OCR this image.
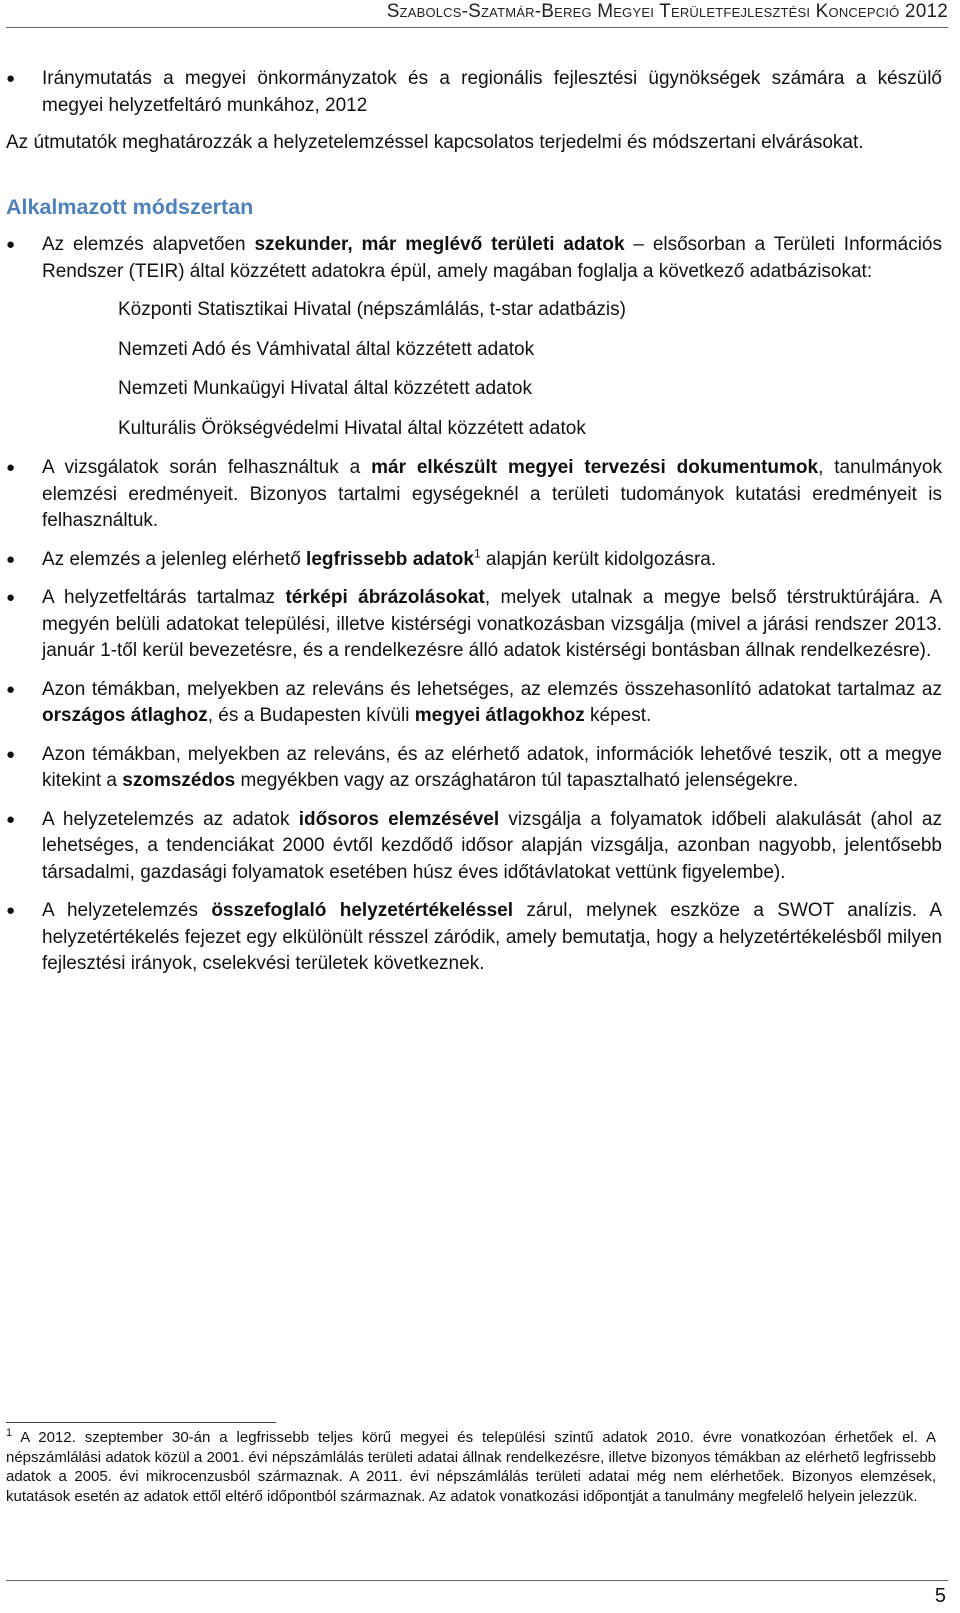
Szabolcs-Szatmár-Bereg Megyei Területfejlesztési Koncepció 2012
●	Iránymutatás a megyei önkormányzatok és a regionális fejlesztési ügynökségek számára a készülő megyei helyzetfeltáró munkához, 2012

Az útmutatók meghatározzák a helyzetelemzéssel kapcsolatos terjedelmi és módszertani elvárásokat.

Alkalmazott módszertan
●	Az elemzés alapvetően szekunder, már meglévő területi adatok – elsősorban a Területi Információs Rendszer (TEIR) által közzétett adatokra épül, amely magában foglalja a következő adatbázisokat:
Központi Statisztikai Hivatal (népszámlálás, t-star adatbázis)
Nemzeti Adó és Vámhivatal által közzétett adatok
Nemzeti Munkaügyi Hivatal által közzétett adatok
Kulturális Örökségvédelmi Hivatal által közzétett adatok
●	A vizsgálatok során felhasználtuk a már elkészült megyei tervezési dokumentumok, tanulmányok elemzési eredményeit. Bizonyos tartalmi egységeknél a területi tudományok kutatási eredményeit is felhasználtuk.
●	Az elemzés a jelenleg elérhető legfrissebb adatok$^1$ alapján került kidolgozásra.
●	A helyzetfeltárás tartalmaz térképi ábrázolásokat, melyek utalnak a megye belső térstruktúrájára. A megyén belüli adatokat települési, illetve kistérségi vonatkozásban vizsgálja (mivel a járási rendszer 2013. január 1-től kerül bevezetésre, és a rendelkezésre álló adatok kistérségi bontásban állnak rendelkezésre).
●	Azon témákban, melyekben az releváns és lehetséges, az elemzés összehasonlító adatokat tartalmaz az országos átlaghoz, és a Budapesten kívüli megyei átlagokhoz képest.
●	Azon témákban, melyekben az releváns, és az elérhető adatok, információk lehetővé teszik, ott a megye kitekint a szomszédos megyékben vagy az országhatáron túl tapasztalható jelenségekre.
●	A helyzetelemzés az adatok idősoros elemzésével vizsgálja a folyamatok időbeli alakulását (ahol az lehetséges, a tendenciákat 2000 évtől kezdődő idősor alapján vizsgálja, azonban nagyobb, jelentősebb társadalmi, gazdasági folyamatok esetében húsz éves időtávlatokat vettünk figyelembe).
●	A helyzetelemzés összefoglaló helyzetértékeléssel zárul, melynek eszköze a SWOT analízis. A helyzetértékelés fejezet egy elkülönült résszel záródik, amely bemutatja, hogy a helyzetértékelésből milyen fejlesztési irányok, cselekvési területek következnek.
$^1$ A 2012. szeptember 30-án a legfrissebb teljes körű megyei és települési szintű adatok 2010. évre vonatkozóan érhetőek el. A népszámlálási adatok közül a 2001. évi népszámlálás területi adatai állnak rendelkezésre, illetve bizonyos témákban az elérhető legfrissebb adatok a 2005. évi mikrocenzusból származnak. A 2011. évi népszámlálás területi adatai még nem elérhetőek. Bizonyos elemzések, kutatások esetén az adatok ettől eltérő időpontból származnak. Az adatok vonatkozási időpontját a tanulmány megfelelő helyein jelezzük.
5
